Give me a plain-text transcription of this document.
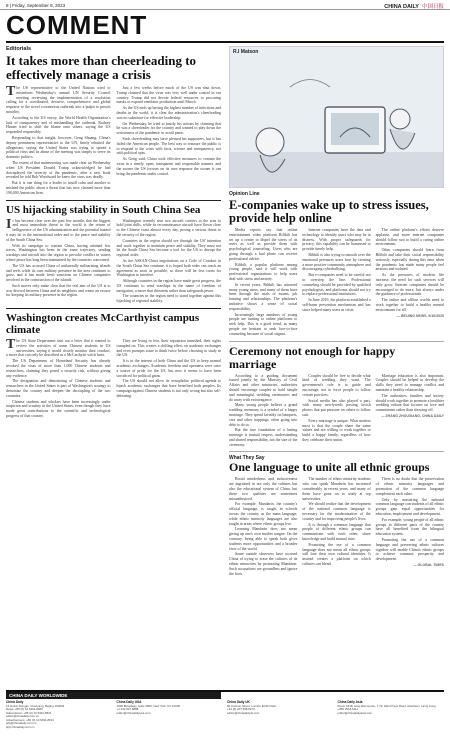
8 | Friday, September 8, 2023	CHINA DAILY 中国日报
COMMENT
Editorials
It takes more than cheerleading to effectively manage a crisis

The US representative to the United Nations tried to misinform Wednesday's annual UN Security Council meeting reviewing the implementation of a resolution calling for a coordinated, decisive, comprehensive and global response to the novel coronavirus outbreak into a pulpit to preach morality.

According to the US envoy, the World Health Organization's lack of transparency and of mishandling the outbreak, Rodney Hunter tried to shift the blame onto others, saying the US responded responsibly.

Responding to that insight, however, Geng Shuang, China's deputy permanent representative to the UN, firmly rebutted the allegations, saying the United States was trying to spread a political virus and its abuse of the meeting was simply to serve its domestic politics.

The extent of that maneuvering was made clear on Wednesday when US President Donald Trump acknowledged he had downplayed the severity of the pandemic, after a new book revealed he told Bob Woodward he knew the virus was deadly.

But it is one thing for a leader to instill calm and another to mislead the public about a threat that has now claimed more than 190,000 American lives.

Just a few weeks before much of the US was shut down, Trump claimed that the virus was very well under control in our country. Trump did not devote federal resources to procuring masks or expand ventilator production until March.

As the US ends up having the highest number of infections and deaths in the world, it is clear the administration's cheerleading was no substitute for effective leadership.

On Wednesday, he tried to justify his actions by claiming that he was a cheerleader for the country and wanted to play down the seriousness of the pandemic to avoid panic.

Such cheerleading may have pleased his supporters, but it has failed the American people. The best way to reassure the public is to respond to the crisis with facts, science and transparency, not with political spin.

As Geng said, China took effective measures to contain the virus in a timely, open, transparent and responsible manner, and the sooner the US focuses on its own response the sooner it can bring the pandemic under control.

US hijacking stability in South China Sea

It has become clear over the past few months that the biggest and most immediate threat to the world is the return of belligerence of the US administration and the potential hazard it may do to the international order and to the peace and stability of the South China Sea.

With its campaign to contain China, having attained few traces, Washington has been in the same trajectory, sending warships and aircraft into the region to provoke conflict in waters where peace has long been maintained by the countries concerned.

The US has accused China of unilaterally militarizing islands and reefs while its own military presence in the area continues to grow, and it has made fresh sanctions on Chinese companies involved in the construction of the islands.

Such moves only make clear that the real aim of the US is to sow discord between China and its neighbors and create an excuse for keeping its military presence in the region.

Washington recently sent two aircraft carriers to the area to hold joint drills, while its reconnaissance aircraft have flown close to the Chinese coast almost every day, posing a serious threat to the security of the region.

Countries in the region should see through the US' intention and work together to maintain peace and stability. They must not let the South China Sea become a tool for the US to disrupt the regional order.

As the ASEAN-China negotiations on a Code of Conduct in the South China Sea continue, it is hoped both sides can reach an agreement as soon as possible, so there will be less room for Washington to interfere.

Although countries in the region have made great progress, the US continues to send warships in the name of freedom of navigation, a move that threatens rather than safeguards peace.

The countries in the region need to stand together against this hijacking of regional stability.

Washington creates McCarthyist campus climate

The US State Department sent out a letter that it wanted to review the activities of some Chinese students in US universities, saying it would closely monitor their conduct, a move that can only be described as a McCarthyist witch hunt.

The US Department of Homeland Security has already revoked the visas of more than 1,000 Chinese students and researchers, claiming they posed a security risk, without giving any evidence.

The designation and demonizing of Chinese students and researchers in the United States is part of Washington's strategy to demonize the country and deepen the decoupling of the two countries.

Chinese students and scholars have been increasingly under suspicion and scrutiny in the United States, even though they have made great contributions to the scientific and technological progress of that country.

They are living in fear, their reputation tarnished, their rights trampled on. This creates a chilling effect on academic exchanges and even prompts some to think twice before choosing to study in the US.

It is in the interest of both China and the US to keep normal academic exchanges. Academic freedom and openness were once a source of pride for the US, but now it seems to have been sacrificed for political gains.

The US should not allow its xenophobic political agenda to hijack academic exchanges that have benefited both peoples. Its campaign against Chinese students is not only wrong but also self-defeating.

R.I Matson
Opinion Line
E-companies wake up to stress issues, provide help online

Media reports say that online entertainment video platform Bilibili has set up a center to dispel the stress of its users as well as provide them with psychological counseling. Users who are going through a bad phase can receive professional advice.

Bilibili, a popular platform among young people, said it will work with professional organizations to help users deal with stress and anxiety.

In recent years, Bilibili has attracted many young users, and many of them have been through the trials of exams, job hunting and relationships. The platform's initiative shows a sense of social responsibility.

Increasingly large numbers of young people are turning to online platforms to seek help. This is a good trend, as many people are hesitant to seek face-to-face counseling because of social stigma.

Internet companies have the data and technology to identify users who may be in distress. With proper safeguards for privacy, this capability can be harnessed to provide timely help.

Bilibili is also trying to smooth over the emotional pressures users face by creating a more positive community atmosphere and discouraging cyberbullying.

But e-companies need to be careful not to overstep the line. Professional counseling should be provided by qualified psychologists, and platforms should not try to replace professional institutions.

In June 2019, the platform established a self-harm prevention mechanism and has since helped many users in crisis.

The online platform's efforts deserve applause, and more internet companies should follow suit to build a caring online environment.

Other companies should learn from Bilibili and take their social responsibility seriously, especially during this time when the pandemic has made many people feel anxious and isolated.

As the pressures of modern life increase, the need for such services will only grow. Internet companies should be encouraged to do more, but always under the guidance of professionals.

The online and offline worlds need to work together to build a healthy mental environment for all.

— BEIJING NEWS, 9/10/2020

Ceremony not enough for happy marriage

According to a guiding document issued jointly by the Ministry of Civil Affairs and other ministries, authorities should encourage couples to hold simple and meaningful wedding ceremonies and do away with extravagance.

Many young people believe a grand wedding ceremony is a symbol of a happy marriage. They spend lavishly on banquets, cars and other trappings, often going into debt to do so.

But the true foundation of a lasting marriage is mutual respect, understanding and shared responsibility, not the size of the ceremony.

Couples should be free to decide what kind of wedding they want. The government's role is to guide and encourage, not to force people to follow certain practices.

Social media has also played a part, with many newlyweds posting lavish photos that put pressure on others to follow suit.

Every marriage is unique. What matters most is that the couple share the same values and are willing to work together to build a happy family, regardless of how they celebrate their union.

Marriage education is also important. Couples should be helped to develop the skills they need to manage conflict and maintain a healthy relationship.

The authorities, families and society should work together to promote a healthier wedding culture that focuses on love and commitment rather than showing off.

— ZHANG ZHOUXIANG, CHINA DAILY

What They Say
One language to unite all ethnic groups

Broad mindedness and inclusiveness are ingrained in not only the cultures but also the educational system of China, but these two qualities are sometimes misunderstood.

For example, Mandarin, the country's official language, is taught in schools across the country as the main language, while ethnic minority languages are also taught in areas where ethnic groups live.

Learning Mandarin does not mean giving up one's own mother tongue. On the contrary, being able to speak both gives students more opportunities and a broader view of the world.

Some outside observers have accused China of trying to erase the cultures of its ethnic minorities by promoting Mandarin. Such accusations are groundless and ignore the facts.

The number of ethnic minority students who can speak Mandarin has increased considerably in recent years, and many of them have gone on to study at top universities.

We should realize that the development of the national common language is necessary for the modernization of the country and for improving people's lives.

It is through a common language that people of different ethnic groups can communicate with each other, share knowledge and build mutual trust.

Promoting the use of a common language does not mean all ethnic groups will lose their own cultural identities. It instead creates a platform on which cultures can blend.

There is no doubt that the preservation of ethnic minority languages and promotion of the common language complement each other.

Only by mastering the national common language can students of all ethnic groups gain equal opportunities for education, employment and development.

For example, young people of all ethnic groups in different parts of the country have all benefited from the bilingual education system.

Promoting the use of a common language and preserving ethnic cultures together will enable China's ethnic groups to achieve common prosperity and development.

— GLOBAL TIMES

CHINA DAILY WORLDWIDE
China Daily
15 Huixin Dongjie, Chaoyang, Beijing 100029
News: +86 (0) 10 6491-8366
Subscription: +86 (0) 10 6491-8531
editor@chinadaily.com.cn
Advertisement: +86 (0) 10 6491-8631
ads@chinadaily.com.cn
app.chinadaily.com.cn
China Daily USA
1500 Broadway, Suite 2800, New York, NY 10036
+1 212 537 8888
editor@chinadailyusa.com
China Daily UK
90 Cannon Street, London EC4N 6HA
+44 (0) 207 398 8270
editor@chinadailyuk.com
China Daily Asia
Room 1818, Hing Wai Centre, 7 Tin Wan Praya Road, Aberdeen, Hong Kong
+852 2518 5111
editor@chinadailyasia.com
